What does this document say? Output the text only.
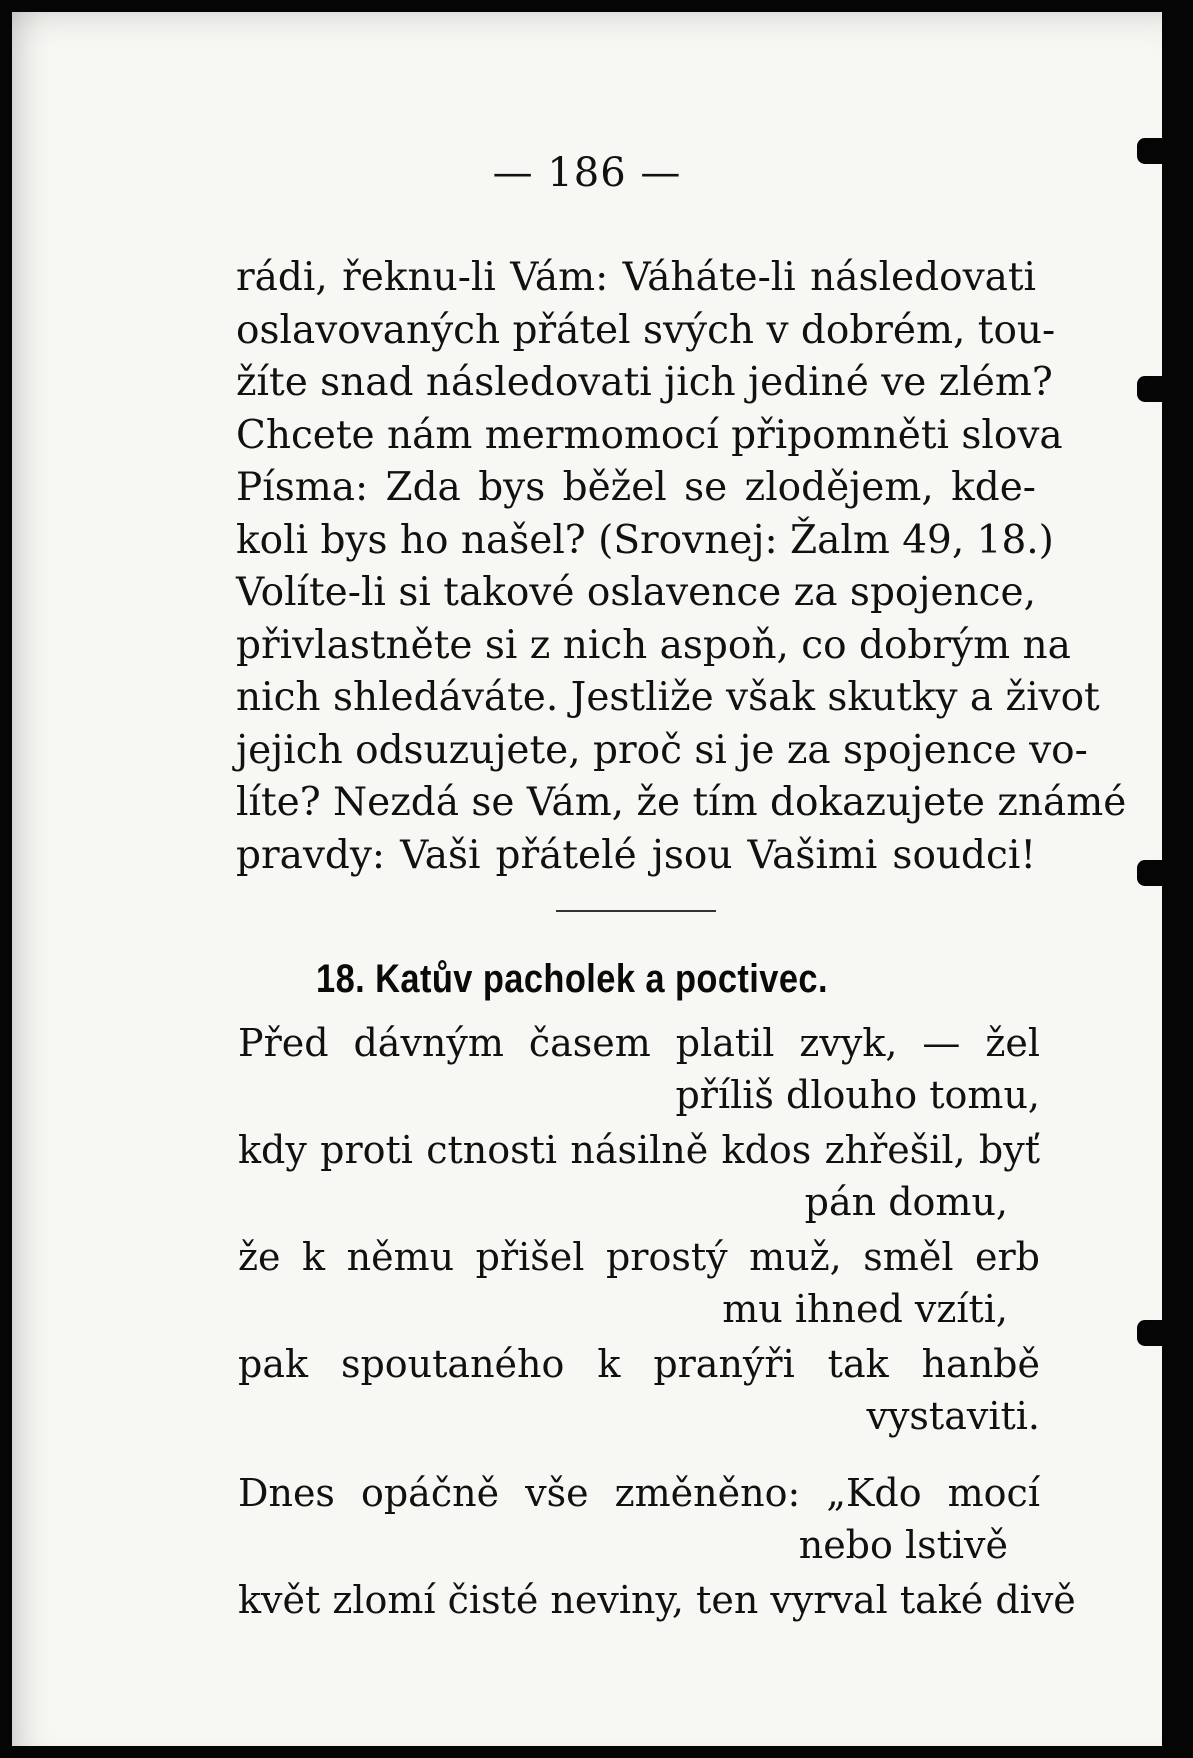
— 186 —
rádi, řeknu-li Vám: Váháte-li následovati
oslavovaných přátel svých v dobrém, tou-
žíte snad následovati jich jediné ve zlém?
Chcete nám mermomocí připomněti slova
Písma: Zda bys běžel se zlodějem, kde-
koli bys ho našel? (Srovnej: Žalm 49, 18.)
Volíte-li si takové oslavence za spojence,
přivlastněte si z nich aspoň, co dobrým na
nich shledáváte. Jestliže však skutky a život
jejich odsuzujete, proč si je za spojence vo-
líte? Nezdá se Vám, že tím dokazujete známé
pravdy: Vaši přátelé jsou Vašimi soudci!
18. Katův pacholek a poctivec.
Před dávným časem platil zvyk, — žel
příliš dlouho tomu,
kdy proti ctnosti násilně kdos zhřešil, byť
pán domu,
že k němu přišel prostý muž, směl erb
mu ihned vzíti,
pak spoutaného k pranýři tak hanbě
vystaviti.
Dnes opáčně vše změněno: „Kdo mocí
nebo lstivě
květ zlomí čisté neviny, ten vyrval také divě
